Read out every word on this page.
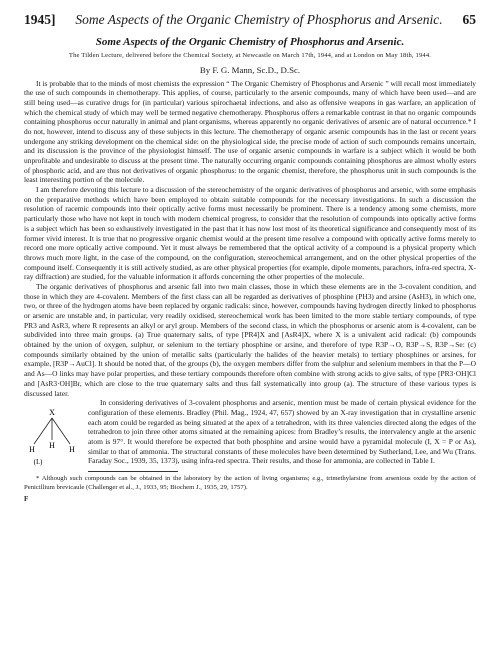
1945] Some Aspects of the Organic Chemistry of Phosphorus and Arsenic. 65
Some Aspects of the Organic Chemistry of Phosphorus and Arsenic.
The Tilden Lecture, delivered before the Chemical Society, at Newcastle on March 17th, 1944, and at London on May 18th, 1944.
By F. G. Mann, Sc.D., D.Sc.

It is probable that to the minds of most chemists the expression “ The Organic Chemistry of Phosphorus and Arsenic ” will recall most immediately the use of such compounds in chemotherapy. This applies, of course, particularly to the arsenic compounds, many of which have been used—and are still being used—as curative drugs for (in particular) various spirochaetal infections, and also as offensive weapons in gas warfare, an application of which the chemical study of which may well be termed negative chemotherapy. Phosphorus offers a remarkable contrast in that no organic compounds containing phosphorus occur naturally in animal and plant organisms, whereas apparently no organic derivatives of arsenic are of natural occurrence.* I do not, however, intend to discuss any of these subjects in this lecture. The chemotherapy of organic arsenic compounds has in the last or recent years undergone any striking development on the chemical side: on the physiological side, the precise mode of action of such compounds remains uncertain, and its discussion is the province of the physiologist himself. The use of organic arsenic compounds in warfare is a subject which it would be both unprofitable and undesirable to discuss at the present time. The naturally occurring organic compounds containing phosphorus are almost wholly esters of phosphoric acid, and are thus not derivatives of organic phosphorus: to the organic chemist, therefore, the phosphorus unit in such compounds is the least interesting portion of the molecule.

I am therefore devoting this lecture to a discussion of the stereochemistry of the organic derivatives of phosphorus and arsenic, with some emphasis on the preparative methods which have been employed to obtain suitable compounds for the necessary investigations. In such a discussion the resolution of racemic compounds into their optically active forms must necessarily be prominent. There is a tendency among some chemists, more particularly those who have not kept in touch with modern chemical progress, to consider that the resolution of compounds into optically active forms is a subject which has been so exhaustively investigated in the past that it has now lost most of its theoretical significance and consequently most of its former vivid interest. It is true that no progressive organic chemist would at the present time resolve a compound with optically active forms merely to record one more optically active compound. Yet it must always be remembered that the optical activity of a compound is a physical property which throws much more light, in the case of the compound, on the configuration, stereochemical arrangement, and on the other physical properties of the compound itself. Consequently it is still actively studied, as are other physical properties (for example, dipole moments, parachors, infra-red spectra, X-ray diffraction) are studied, for the valuable information it affords concerning the other properties of the molecule.

The organic derivatives of phosphorus and arsenic fall into two main classes, those in which these elements are in the 3-covalent condition, and those in which they are 4-covalent. Members of the first class can all be regarded as derivatives of phosphine (PH3) and arsine (AsH3), in which one, two, or three of the hydrogen atoms have been replaced by organic radicals: since, however, compounds having hydrogen directly linked to phosphorus or arsenic are unstable and, in particular, very readily oxidised, stereochemical work has been limited to the more stable tertiary compounds, of type PR3 and AsR3, where R represents an alkyl or aryl group. Members of the second class, in which the phosphorus or arsenic atom is 4-covalent, can be subdivided into three main groups. (a) True quaternary salts, of type [PR4]X and [AsR4]X, where X is a univalent acid radical: (b) compounds obtained by the union of oxygen, sulphur, or selenium to the tertiary phosphine or arsine, and therefore of type R3P→O, R3P→S, R3P→Se: (c) compounds similarly obtained by the union of metallic salts (particularly the halides of the heavier metals) to tertiary phosphines or arsines, for example, [R3P→AuCl]. It should be noted that, of the groups (b), the oxygen members differ from the sulphur and selenium members in that the P—O and As—O links may have polar properties, and these tertiary compounds therefore often combine with strong acids to give salts, of type [PR3·OH]Cl and [AsR3·OH]Br, which are close to the true quaternary salts and thus fall systematically into group (a). The structure of these various types is discussed later.

X
H H H
(I.)

In considering derivatives of 3-covalent phosphorus and arsenic, mention must be made of certain physical evidence for the configuration of these elements. Bradley (Phil. Mag., 1924, 47, 657) showed by an X-ray investigation that in crystalline arsenic each atom could be regarded as being situated at the apex of a tetrahedron, with its three valencies directed along the edges of the tetrahedron to join three other atoms situated at the remaining apices: from Bradley’s results, the intervalency angle at the arsenic atom is 97°. It would therefore be expected that both phosphine and arsine would have a pyramidal molecule (I, X = P or As), similar to that of ammonia. The structural constants of these molecules have been determined by Sutherland, Lee, and Wu (Trans. Faraday Soc., 1939, 35, 1373), using infra-red spectra. Their results, and those for ammonia, are collected in Table I.

* Although such compounds can be obtained in the laboratory by the action of living organisms; e.g., trimethylarsine from arsenious oxide by the action of Penicillium brevicaule (Challenger et al., J., 1933, 95; Biochem J., 1935, 29, 1757).

F
